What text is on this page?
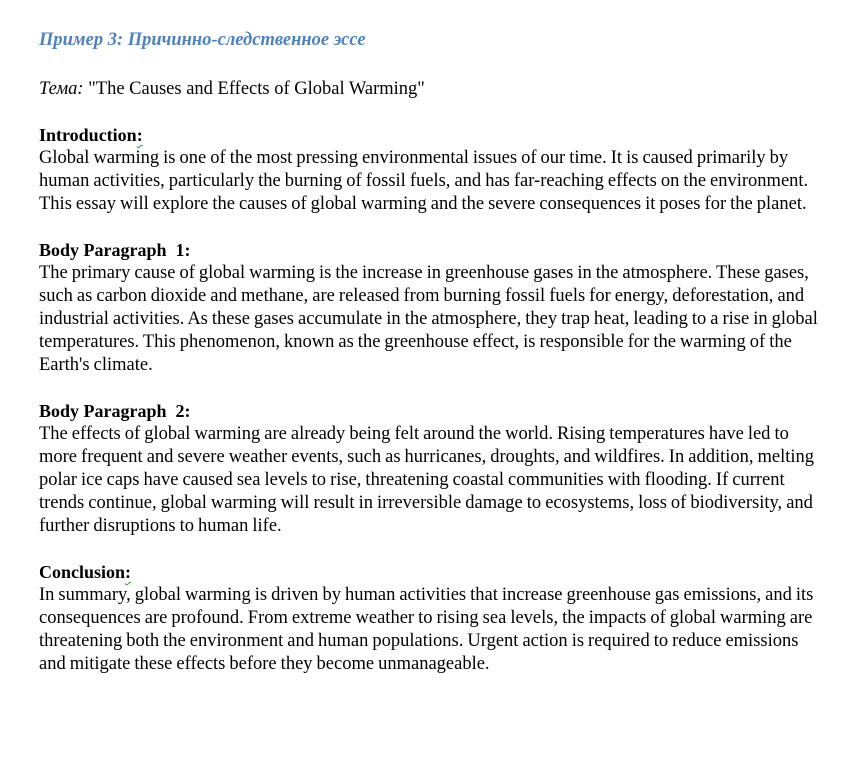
Пример 3: Причинно-следственное эссе

Тема: "The Causes and Effects of Global Warming"
Introduction:

Global warming is one of the most pressing environmental issues of our time. It is caused primarily by human activities, particularly the burning of fossil fuels, and has far-reaching effects on the environment. This essay will explore the causes of global warming and the severe consequences it poses for the planet.

Body Paragraph  1:

The primary cause of global warming is the increase in greenhouse gases in the atmosphere. These gases, such as carbon dioxide and methane, are released from burning fossil fuels for energy, deforestation, and industrial activities. As these gases accumulate in the atmosphere, they trap heat, leading to a rise in global temperatures. This phenomenon, known as the greenhouse effect, is responsible for the warming of the Earth's climate.

Body Paragraph  2:

The effects of global warming are already being felt around the world. Rising temperatures have led to more frequent and severe weather events, such as hurricanes, droughts, and wildfires. In addition, melting polar ice caps have caused sea levels to rise, threatening coastal communities with flooding. If current trends continue, global warming will result in irreversible damage to ecosystems, loss of biodiversity, and further disruptions to human life.

Conclusion:

In summary, global warming is driven by human activities that increase greenhouse gas emissions, and its consequences are profound. From extreme weather to rising sea levels, the impacts of global warming are threatening both the environment and human populations. Urgent action is required to reduce emissions and mitigate these effects before they become unmanageable.
